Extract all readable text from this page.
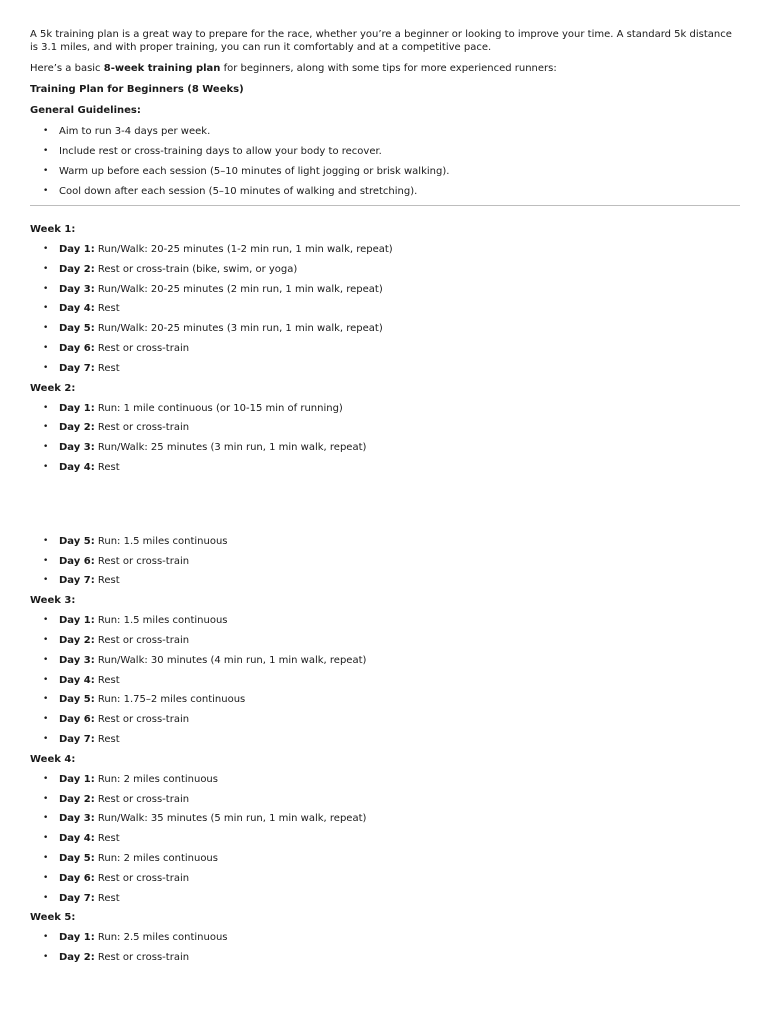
A 5k training plan is a great way to prepare for the race, whether you’re a beginner or looking to improve your time. A standard 5k distance is 3.1 miles, and with proper training, you can run it comfortably and at a competitive pace.

Here’s a basic 8-week training plan for beginners, along with some tips for more experienced runners:

Training Plan for Beginners (8 Weeks)

General Guidelines:

• Aim to run 3-4 days per week.
• Include rest or cross-training days to allow your body to recover.
• Warm up before each session (5–10 minutes of light jogging or brisk walking).
• Cool down after each session (5–10 minutes of walking and stretching).
Week 1:
• Day 1: Run/Walk: 20-25 minutes (1-2 min run, 1 min walk, repeat)
• Day 2: Rest or cross-train (bike, swim, or yoga)
• Day 3: Run/Walk: 20-25 minutes (2 min run, 1 min walk, repeat)
• Day 4: Rest
• Day 5: Run/Walk: 20-25 minutes (3 min run, 1 min walk, repeat)
• Day 6: Rest or cross-train
• Day 7: Rest
Week 2:
• Day 1: Run: 1 mile continuous (or 10-15 min of running)
• Day 2: Rest or cross-train
• Day 3: Run/Walk: 25 minutes (3 min run, 1 min walk, repeat)
• Day 4: Rest
• Day 5: Run: 1.5 miles continuous
• Day 6: Rest or cross-train
• Day 7: Rest
Week 3:
• Day 1: Run: 1.5 miles continuous
• Day 2: Rest or cross-train
• Day 3: Run/Walk: 30 minutes (4 min run, 1 min walk, repeat)
• Day 4: Rest
• Day 5: Run: 1.75–2 miles continuous
• Day 6: Rest or cross-train
• Day 7: Rest
Week 4:
• Day 1: Run: 2 miles continuous
• Day 2: Rest or cross-train
• Day 3: Run/Walk: 35 minutes (5 min run, 1 min walk, repeat)
• Day 4: Rest
• Day 5: Run: 2 miles continuous
• Day 6: Rest or cross-train
• Day 7: Rest
Week 5:
• Day 1: Run: 2.5 miles continuous
• Day 2: Rest or cross-train
